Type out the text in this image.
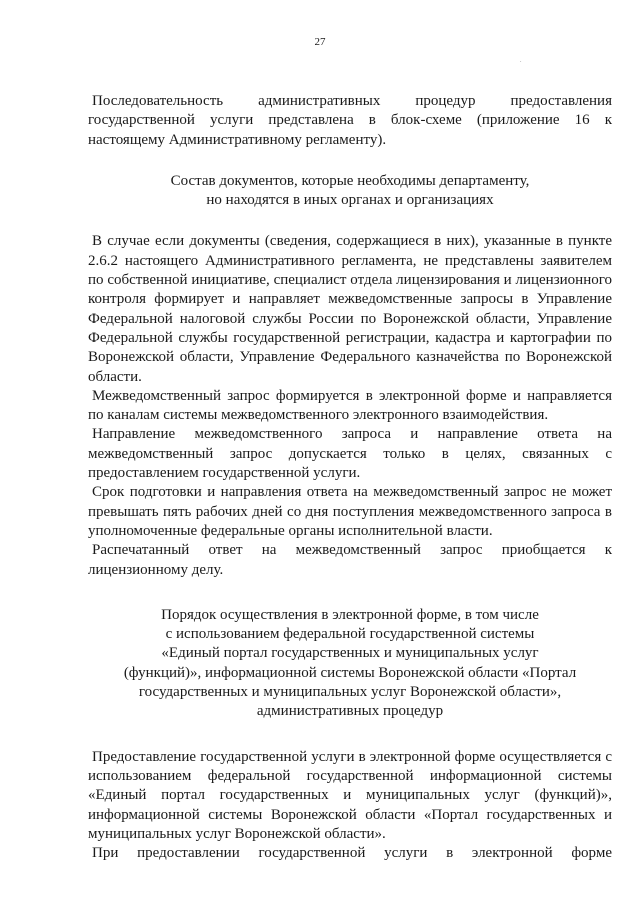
27
.

Последовательность административных процедур предоставления государственной услуги представлена в блок-схеме (приложение 16 к настоящему Административному регламенту).

Состав документов, которые необходимы департаменту,

но находятся в иных органах и организациях

В случае если документы (сведения, содержащиеся в них), указанные в пункте 2.6.2 настоящего Административного регламента, не представлены заявителем по собственной инициативе, специалист отдела лицензирования и лицензионного контроля формирует и направляет межведомственные запросы в Управление Федеральной налоговой службы России по Воронежской области, Управление Федеральной службы государственной регистрации, кадастра и картографии по Воронежской области, Управление Федерального казначейства по Воронежской области.

Межведомственный запрос формируется в электронной форме и направляется по каналам системы межведомственного электронного взаимодействия.

Направление межведомственного запроса и направление ответа на межведомственный запрос допускается только в целях, связанных с предоставлением государственной услуги.

Срок подготовки и направления ответа на межведомственный запрос не может превышать пять рабочих дней со дня поступления межведомственного запроса в уполномоченные федеральные органы исполнительной власти.

Распечатанный ответ на межведомственный запрос приобщается к лицензионному делу.

Порядок осуществления в электронной форме, в том числе

с использованием федеральной государственной системы

«Единый портал государственных и муниципальных услуг

(функций)», информационной системы Воронежской области «Портал

государственных и муниципальных услуг Воронежской области»,

административных процедур

Предоставление государственной услуги в электронной форме осуществляется с использованием федеральной государственной информационной системы «Единый портал государственных и муниципальных услуг (функций)», информационной системы Воронежской области «Портал государственных и муниципальных услуг Воронежской области».

При предоставлении государственной услуги в электронной форме
